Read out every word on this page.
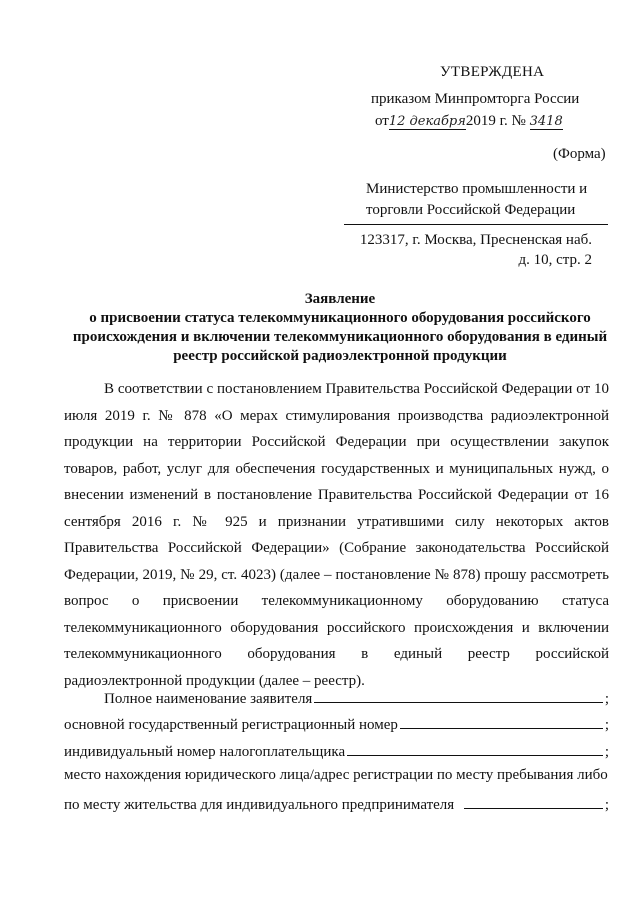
УТВЕРЖДЕНА
приказом Минпромторга России
от12 декабря2019 г. № 3418
(Форма)
Министерство промышленности и торговли Российской Федерации
123317, г. Москва, Пресненская наб.
д. 10, стр. 2
Заявление
о присвоении статуса телекоммуникационного оборудования российского происхождения и включении телекоммуникационного оборудования в единый реестр российской радиоэлектронной продукции
В соответствии с постановлением Правительства Российской Федерации от 10 июля 2019 г. № 878 «О мерах стимулирования производства радиоэлектронной продукции на территории Российской Федерации при осуществлении закупок товаров, работ, услуг для обеспечения государственных и муниципальных нужд, о внесении изменений в постановление Правительства Российской Федерации от 16 сентября 2016 г. № 925 и признании утратившими силу некоторых актов Правительства Российской Федерации» (Собрание законодательства Российской Федерации, 2019, № 29, ст. 4023) (далее – постановление № 878) прошу рассмотреть вопрос о присвоении телекоммуникационному оборудованию статуса телекоммуникационного оборудования российского происхождения и включении телекоммуникационного оборудования в единый реестр российской радиоэлектронной продукции (далее – реестр).
Полное наименование заявителя	;
основной государственный регистрационный номер	;
индивидуальный номер налогоплательщика	;
место нахождения юридического лица/адрес регистрации по месту пребывания либо
по месту жительства для индивидуального предпринимателя	;
